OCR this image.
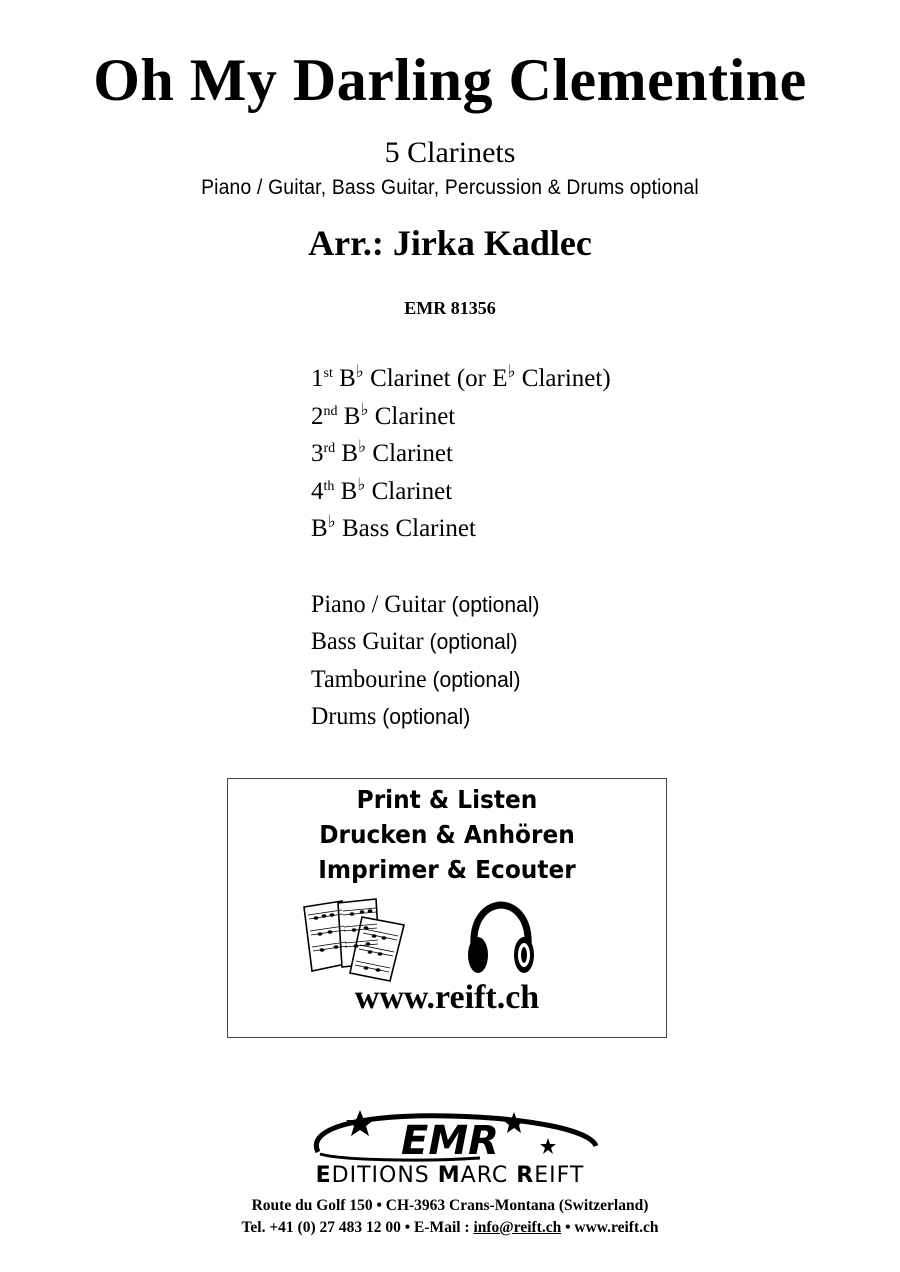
Oh My Darling Clementine
5 Clarinets
Piano / Guitar, Bass Guitar, Percussion & Drums optional
Arr.: Jirka Kadlec
EMR 81356
1st B♭ Clarinet (or E♭ Clarinet)
2nd B♭ Clarinet
3rd B♭ Clarinet
4th B♭ Clarinet
B♭ Bass Clarinet
Piano / Guitar (optional)
Bass Guitar (optional)
Tambourine (optional)
Drums (optional)
Print & Listen
Drucken & Anhören
Imprimer & Ecouter
www.reift.ch
EMR
EDITIONS MARC REIFT
Route du Golf 150 • CH-3963 Crans-Montana (Switzerland)
Tel. +41 (0) 27 483 12 00 • E-Mail : info@reift.ch • www.reift.ch
